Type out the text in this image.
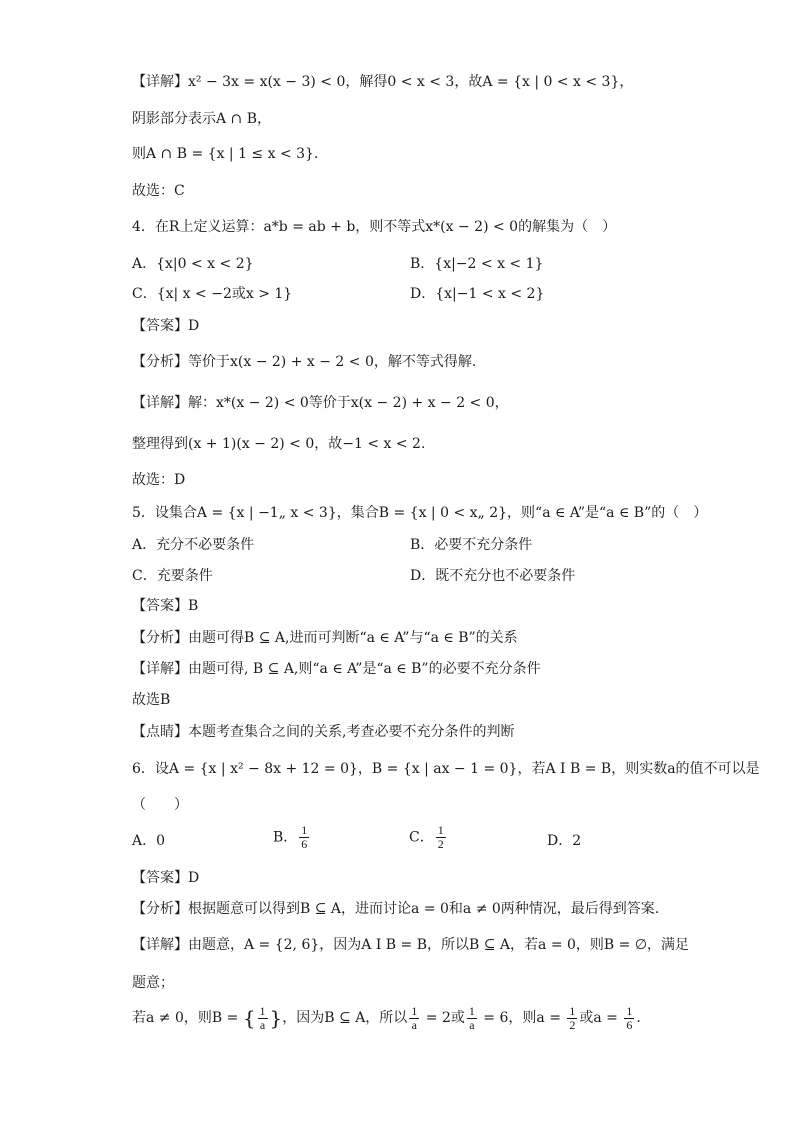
【详解】x² − 3x = x(x − 3) < 0，解得0 < x < 3，故A = {x | 0 < x < 3}，
阴影部分表示A ∩ B，
则A ∩ B = {x | 1 ≤ x < 3}．
故选：C
4．在R上定义运算：a*b = ab + b，则不等式x*(x − 2) < 0的解集为（　）
A．{x|0 < x < 2}	B．{x|−2 < x < 1}
C．{x| x < −2或x > 1}	D．{x|−1 < x < 2}
【答案】D
【分析】等价于x(x − 2) + x − 2 < 0，解不等式得解.
【详解】解：x*(x − 2) < 0等价于x(x − 2) + x − 2 < 0，
整理得到(x + 1)(x − 2) < 0，故−1 < x < 2.
故选：D
5．设集合A = {x | −1„ x < 3}，集合B = {x | 0 < x„ 2}，则“a ∈ A”是“a ∈ B”的（　）
A．充分不必要条件	B．必要不充分条件
C．充要条件	D．既不充分也不必要条件
【答案】B
【分析】由题可得B ⊆ A,进而可判断“a ∈ A”与“a ∈ B”的关系
【详解】由题可得, B ⊆ A,则“a ∈ A”是“a ∈ B”的必要不充分条件
故选B
【点睛】本题考查集合之间的关系,考查必要不充分条件的判断
6．设A = {x | x² − 8x + 12 = 0}，B = {x | ax − 1 = 0}，若A I B = B，则实数a的值不可以是
（　　）
A．0	B． $\frac{1}{6}$	C． $\frac{1}{2}$	D．2
【答案】D
【分析】根据题意可以得到B ⊆ A，进而讨论a = 0和a ≠ 0两种情况，最后得到答案.
【详解】由题意，A = {2, 6}，因为A I B = B，所以B ⊆ A，若a = 0，则B = ∅，满足
题意；
若a ≠ 0，则B = { $\frac{1}{a}$ }，因为B ⊆ A，所以 $\frac{1}{a} = 2$或 $\frac{1}{a} = 6$，则$a = \frac{1}{2}$ 或$a = \frac{1}{6}$ .
